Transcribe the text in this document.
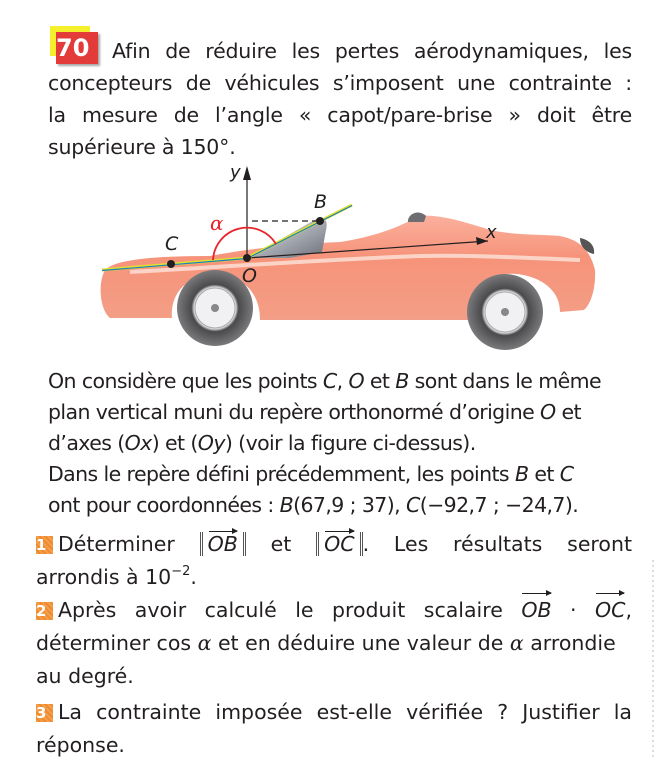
70	Afin de réduire les pertes aérodynamiques, les
concepteurs de véhicules s’imposent une contrainte :
la mesure de l’angle « capot/pare-brise » doit être
supérieure à 150°.
x
y
α
B
C
O
On considère que les points C, O et B sont dans le même
plan vertical muni du repère orthonormé d’origine O et
d’axes (Ox) et (Oy) (voir la figure ci-dessus).
Dans le repère défini précédemment, les points B et C
ont pour coordonnées : B(67,9 ; 37), C(−92,7 ; −24,7).
1 Déterminer OB et OC . Les résultats seront
arrondis à $10^{-2}$.
2 Après avoir calculé le produit scalaire OB · OC,
déterminer cos α et en déduire une valeur de α arrondie
au degré.
3 La contrainte imposée est-elle vérifiée ? Justifier la
réponse.
